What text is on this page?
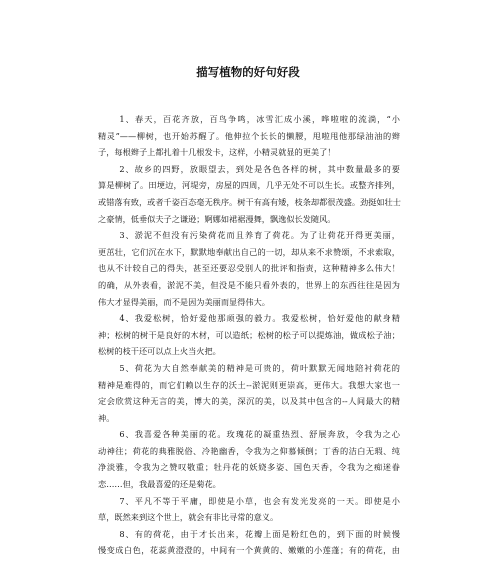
描写植物的好句好段
1、春天，百花齐放，百鸟争鸣，冰雪汇成小溪，哗啦啦的流淌，“小
精灵”——柳树，也开始苏醒了。他伸拉个长长的懒腰，甩啦甩他那绿油油的辫
子，每根辫子上都扎着十几根发卡，这样，小精灵就显的更美了！
2、故乡的四野，放眼望去，到处是各色各样的树，其中数量最多的要
算是柳树了。田埂边，河堤旁，房屋的四周，几乎无处不可以生长。或整齐排列，
或错落有致，或者千姿百态毫无秩序。树干有高有矮，枝条却都很茂盛。劲挺如壮士
之豪情，低垂似夫子之谦逊；婀娜如裙裾漫舞，飘逸似长发随风。
3、淤泥不但没有污染荷花而且养育了荷花。为了让荷花开得更美丽，
更茁壮，它们沉在水下，默默地奉献出自己的一切，却从来不求赞颂，不求索取，
也从不计较自己的得失，甚至还要忍受别人的批评和指责，这种精神多么伟大！
的确，从外表看，淤泥不美，但没是不能只看外表的，世界上的东西往往是因为
伟大才显得美丽，而不是因为美丽而显得伟大。
4、我爱松树，恰好爱他那顽强的毅力。我爱松树，恰好爱他的献身精
神；松树的树干是良好的木材，可以造纸；松树的松子可以提炼油，做成松子油；
松树的枝干还可以点上火当火把。
5、荷花为大自然奉献美的精神是可贵的，荷叶默默无闻地陪衬荷花的
精神是难得的，而它们赖以生存的沃土--淤泥则更崇高，更伟大。我想大家也一
定会欣赏这种无言的美，博大的美，深沉的美，以及其中包含的--人间最大的精
神。
6、我喜爱各种美丽的花。玫瑰花的凝重热烈、舒展奔放，令我为之心
动神往；荷花的典雅脱俗、冷艳幽香，令我为之仰慕倾倒；丁香的洁白无瑕、纯
净淡雅，令我为之赞叹敬重；牡丹花的妖娆多姿、国色天香，令我为之痴迷眷
恋……但，我最喜爱的还是菊花。
7、平凡不等于平庸，即使是小草，也会有发光发亮的一天。即使是小
草，既然来到这个世上，就会有非比寻常的意义。
8、有的荷花，由于才长出来，花瓣上面是粉红色的，到下面的时候慢
慢变成白色，花蕊黄澄澄的，中间有一个黄黄的、嫩嫩的小莲蓬；有的荷花，由
